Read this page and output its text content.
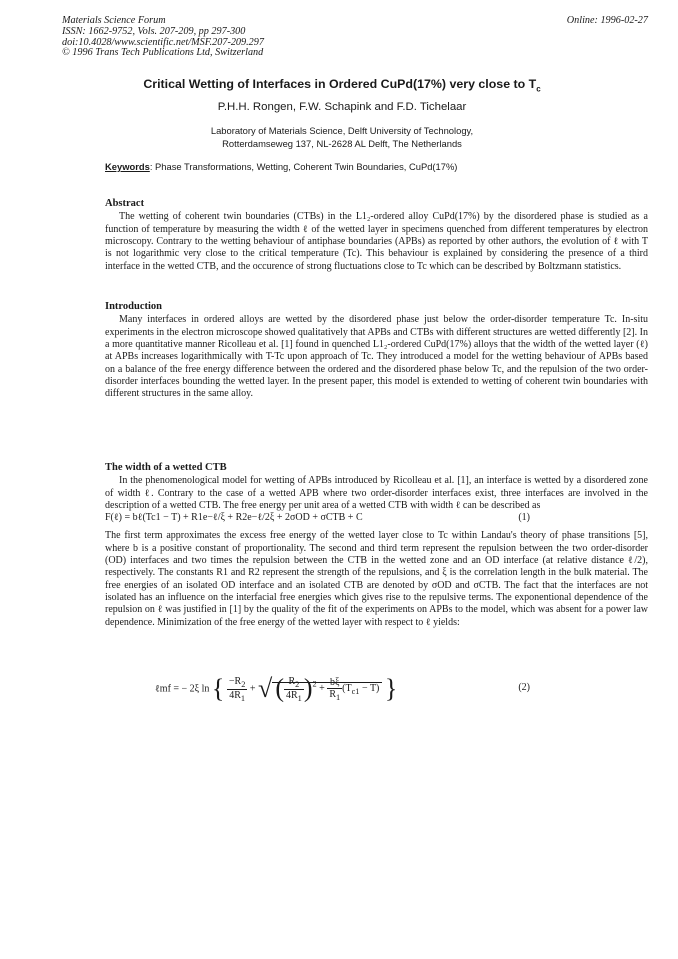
Materials Science Forum
ISSN: 1662-9752, Vols. 207-209, pp 297-300
doi:10.4028/www.scientific.net/MSF.207-209.297
© 1996 Trans Tech Publications Ltd, Switzerland
Online: 1996-02-27
Critical Wetting of Interfaces in Ordered CuPd(17%) very close to $T_c$
P.H.H. Rongen, F.W. Schapink and F.D. Tichelaar
Laboratory of Materials Science, Delft University of Technology,
Rotterdamseweg 137, NL-2628 AL Delft, The Netherlands
Keywords: Phase Transformations, Wetting, Coherent Twin Boundaries, CuPd(17%)
Abstract

The wetting of coherent twin boundaries (CTBs) in the L1₂-ordered alloy CuPd(17%) by the disordered phase is studied as a function of temperature by measuring the width ℓ of the wetted layer in specimens quenched from different temperatures by electron microscopy. Contrary to the wetting behaviour of antiphase boundaries (APBs) as reported by other authors, the evolution of ℓ with T is not logarithmic very close to the critical temperature (Tc). This behaviour is explained by considering the presence of a third interface in the wetted CTB, and the occurence of strong fluctuations close to Tc which can be described by Boltzmann statistics.

Introduction

Many interfaces in ordered alloys are wetted by the disordered phase just below the order-disorder temperature Tc. In-situ experiments in the electron microscope showed qualitatively that APBs and CTBs with different structures are wetted differently [2]. In a more quantitative manner Ricolleau et al. [1] found in quenched L1₂-ordered CuPd(17%) alloys that the width of the wetted layer (ℓ) at APBs increases logarithmically with T-Tc upon approach of Tc. They introduced a model for the wetting behaviour of APBs based on a balance of the free energy difference between the ordered and the disordered phase below Tc, and the repulsion of the two order-disorder interfaces bounding the wetted layer. In the present paper, this model is extended to wetting of coherent twin boundaries with different structures in the same alloy.

The width of a wetted CTB

In the phenomenological model for wetting of APBs introduced by Ricolleau et al. [1], an interface is wetted by a disordered zone of width ℓ. Contrary to the case of a wetted APB where two order-disorder interfaces exist, three interfaces are involved in the description of a wetted CTB. The free energy per unit area of a wetted CTB with width ℓ can be described as

F(ℓ) = bℓ(Tc1 − T) + R1e−ℓ/ξ + R2e−ℓ/2ξ + 2σOD + σCTB + C	(1)

The first term approximates the excess free energy of the wetted layer close to Tc within Landau's theory of phase transitions [5], where b is a positive constant of proportionality. The second and third term represent the repulsion between the two order-disorder (OD) interfaces and two times the repulsion between the CTB in the wetted zone and an OD interface (at relative distance ℓ/2), respectively. The constants R1 and R2 represent the strength of the repulsions, and ξ is the correlation length in the bulk material. The free energies of an isolated OD interface and an isolated CTB are denoted by σOD and σCTB. The fact that the interfaces are not isolated has an influence on the interfacial free energies which gives rise to the repulsive terms. The exponentional dependence of the repulsion on ℓ was justified in [1] by the quality of the fit of the experiments on APBs to the model, which was absent for a power law dependence. Minimization of the free energy of the wetted layer with respect to ℓ yields:

ℓmf = − 2ξ ln { $\frac{-R_2}{4R_1}$ + √ ( $\frac{R_2}{4R_1} )^2 + \frac{b\xi}{R_1} (T_{c1} - T)$ }	(2)
